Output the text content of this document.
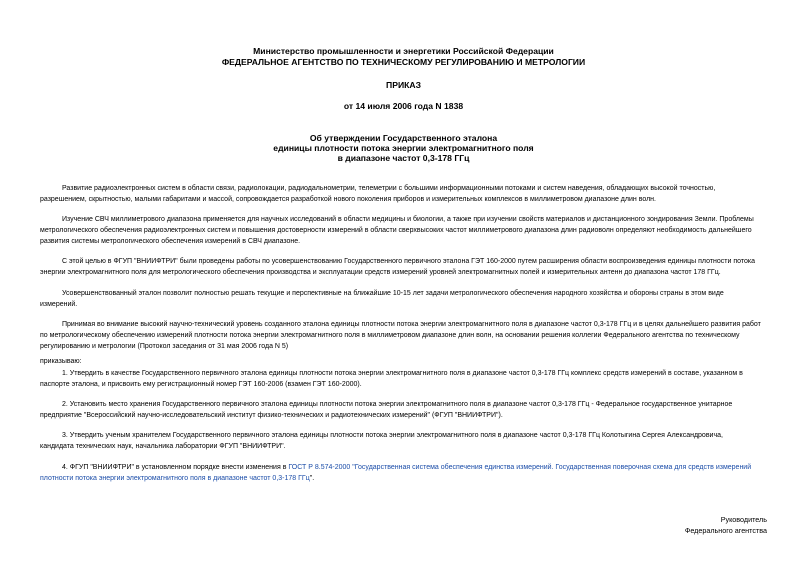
Министерство промышленности и энергетики Российской Федерации
ФЕДЕРАЛЬНОЕ АГЕНТСТВО ПО ТЕХНИЧЕСКОМУ РЕГУЛИРОВАНИЮ И МЕТРОЛОГИИ
ПРИКАЗ
от 14 июля 2006 года N 1838
Об утверждении Государственного эталона
единицы плотности потока энергии электромагнитного поля
в диапазоне частот 0,3-178 ГГц
Развитие радиоэлектронных систем в области связи, радиолокации, радиодальнометрии, телеметрии с большими информационными потоками и систем наведения, обладающих высокой точностью,
разрешением, скрытностью, малыми габаритами и массой, сопровождается разработкой нового поколения приборов и измерительных комплексов в миллиметровом диапазоне длин волн.
Изучение СВЧ миллиметрового диапазона применяется для научных исследований в области медицины и биологии, а также при изучении свойств материалов и дистанционного зондирования Земли. Проблемы
метрологического обеспечения радиоэлектронных систем и повышения достоверности измерений в области сверхвысоких частот миллиметрового диапазона длин радиоволн определяют необходимость дальнейшего
развития системы метрологического обеспечения измерений в СВЧ диапазоне.
С этой целью в ФГУП "ВНИИФТРИ" были проведены работы по усовершенствованию Государственного первичного эталона ГЭТ 160-2000 путем расширения области воспроизведения единицы плотности потока
энергии электромагнитного поля для метрологического обеспечения производства и эксплуатации средств измерений уровней электромагнитных полей и измерительных антенн до диапазона частот 178 ГГц.
Усовершенствованный эталон позволит полностью решать текущие и перспективные на ближайшие 10-15 лет задачи метрологического обеспечения народного хозяйства и обороны страны в этом виде
измерений.
Принимая во внимание высокий научно-технический уровень созданного эталона единицы плотности потока энергии электромагнитного поля в диапазоне частот 0,3-178 ГГц и в целях дальнейшего развития работ
по метрологическому обеспечению измерений плотности потока энергии электромагнитного поля в миллиметровом диапазоне длин волн, на основании решения коллегии Федерального агентства по техническому
регулированию и метрологии (Протокол заседания от 31 мая 2006 года N 5)
приказываю:
1. Утвердить в качестве Государственного первичного эталона единицы плотности потока энергии электромагнитного поля в диапазоне частот 0,3-178 ГГц комплекс средств измерений в составе, указанном в
паспорте эталона, и присвоить ему регистрационный номер ГЭТ 160-2006 (взамен ГЭТ 160-2000).
2. Установить место хранения Государственного первичного эталона единицы плотности потока энергии электромагнитного поля в диапазоне частот 0,3-178 ГГц - Федеральное государственное унитарное
предприятие "Всероссийский научно-исследовательский институт физико-технических и радиотехнических измерений" (ФГУП "ВНИИФТРИ").
3. Утвердить ученым хранителем Государственного первичного эталона единицы плотности потока энергии электромагнитного поля в диапазоне частот 0,3-178 ГГц Колотыгина Сергея Александровича,
кандидата технических наук, начальника лаборатории ФГУП "ВНИИФТРИ".
4. ФГУП "ВНИИФТРИ" в установленном порядке внести изменения в ГОСТ Р 8.574-2000 "Государственная система обеспечения единства измерений. Государственная поверочная схема для средств измерений
плотности потока энергии электромагнитного поля в диапазоне частот 0,3-178 ГГц".
Руководитель
Федерального агентства
